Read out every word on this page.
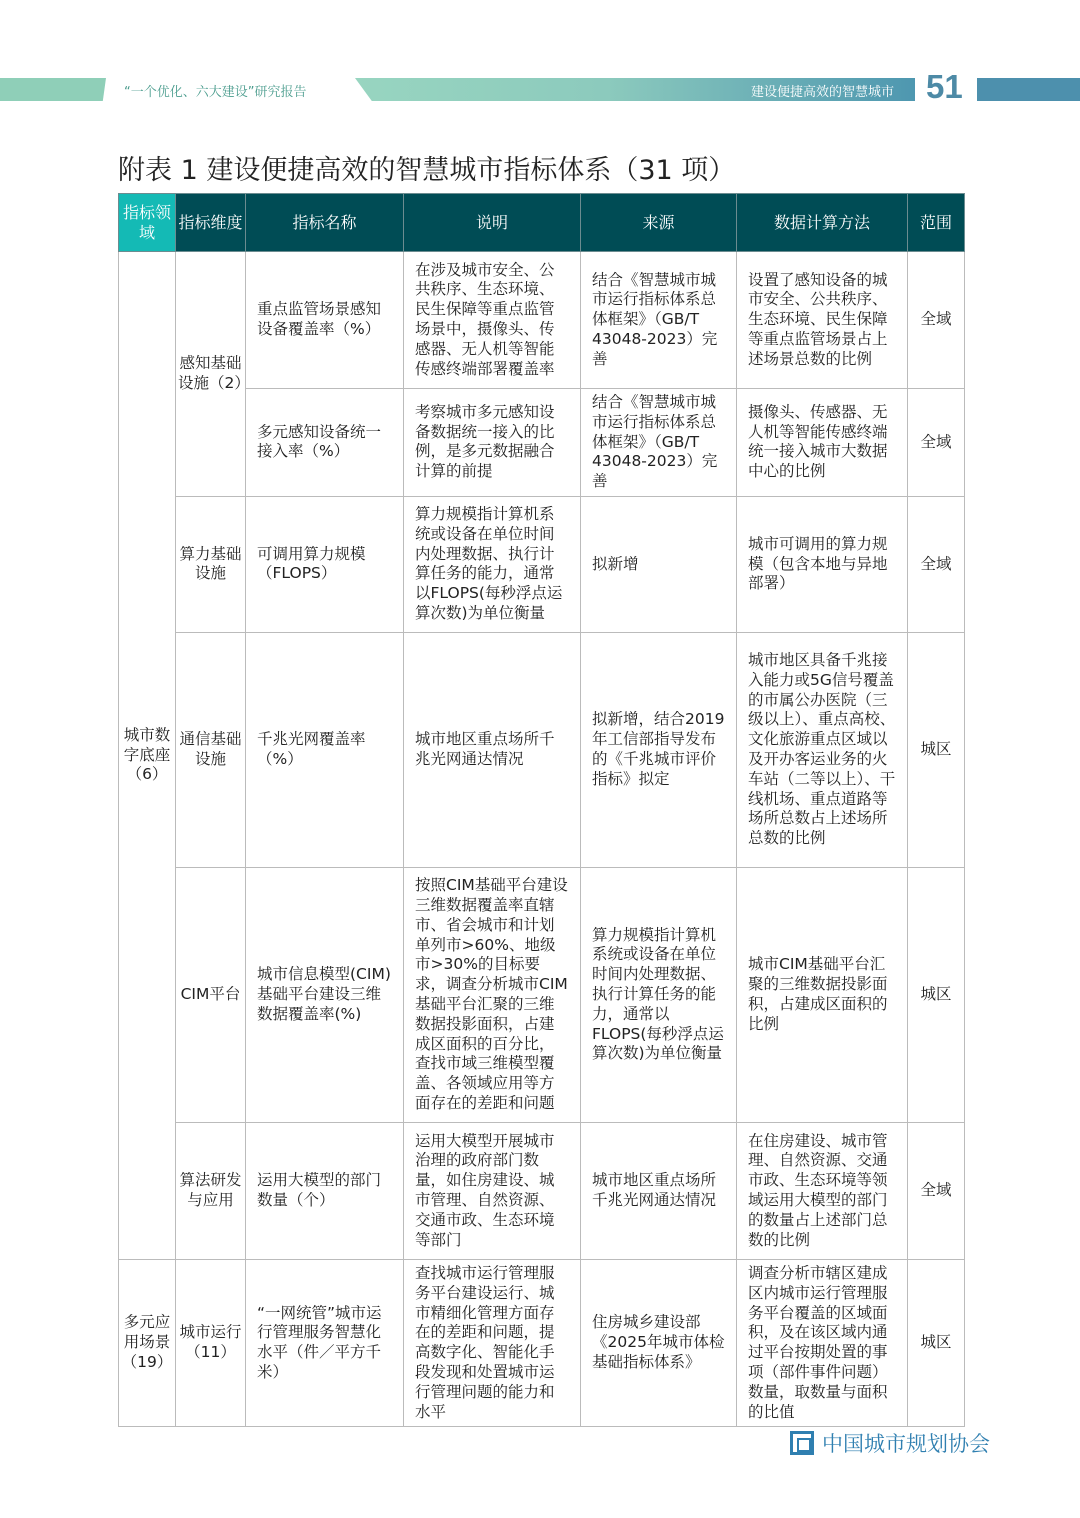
“一个优化、六大建设”研究报告	建设便捷高效的智慧城市 51
附表 1 建设便捷高效的智慧城市指标体系（31 项）
指标领域	指标维度	指标名称	说明	来源	数据计算方法	范围
城市数字底座（6）	感知基础设施（2）	重点监管场景感知设备覆盖率（%）	在涉及城市安全、公共秩序、生态环境、民生保障等重点监管场景中，摄像头、传感器、无人机等智能传感终端部署覆盖率	结合《智慧城市城市运行指标体系总体框架》（GB/T 43048-2023）完善	设置了感知设备的城市安全、公共秩序、生态环境、民生保障等重点监管场景占上述场景总数的比例	全域
		多元感知设备统一接入率（%）	考察城市多元感知设备数据统一接入的比例，是多元数据融合计算的前提	结合《智慧城市城市运行指标体系总体框架》（GB/T 43048-2023）完善	摄像头、传感器、无人机等智能传感终端统一接入城市大数据中心的比例	全域
	算力基础设施	可调用算力规模（FLOPS）	算力规模指计算机系统或设备在单位时间内处理数据、执行计算任务的能力，通常以FLOPS(每秒浮点运算次数)为单位衡量	拟新增	城市可调用的算力规模（包含本地与异地部署）	全域
	通信基础设施	千兆光网覆盖率（%）	城市地区重点场所千兆光网通达情况	拟新增，结合2019年工信部指导发布的《千兆城市评价指标》拟定	城市地区具备千兆接入能力或5G信号覆盖的市属公办医院（三级以上）、重点高校、文化旅游重点区域以及开办客运业务的火车站（二等以上）、干线机场、重点道路等场所总数占上述场所总数的比例	城区
	CIM平台	城市信息模型(CIM)基础平台建设三维数据覆盖率(%)	按照CIM基础平台建设三维数据覆盖率直辖市、省会城市和计划单列市>60%、地级市>30%的目标要求，调查分析城市CIM基础平台汇聚的三维数据投影面积，占建成区面积的百分比，查找市域三维模型覆盖、各领域应用等方面存在的差距和问题	算力规模指计算机系统或设备在单位时间内处理数据、执行计算任务的能力，通常以FLOPS(每秒浮点运算次数)为单位衡量	城市CIM基础平台汇聚的三维数据投影面积，占建成区面积的比例	城区
	算法研发与应用	运用大模型的部门数量（个）	运用大模型开展城市治理的政府部门数量，如住房建设、城市管理、自然资源、交通市政、生态环境等部门	城市地区重点场所千兆光网通达情况	在住房建设、城市管理、自然资源、交通市政、生态环境等领域运用大模型的部门的数量占上述部门总数的比例	全域
多元应用场景（19）	城市运行（11）	“一网统管”城市运行管理服务智慧化水平（件／平方千米）	查找城市运行管理服务平台建设运行、城市精细化管理方面存在的差距和问题，提高数字化、智能化手段发现和处置城市运行管理问题的能力和水平	住房城乡建设部《2025年城市体检基础指标体系》	调查分析市辖区建成区内城市运行管理服务平台覆盖的区域面积，及在该区域内通过平台按期处置的事项（部件事件问题）数量，取数量与面积的比值	城区
中国城市规划协会
